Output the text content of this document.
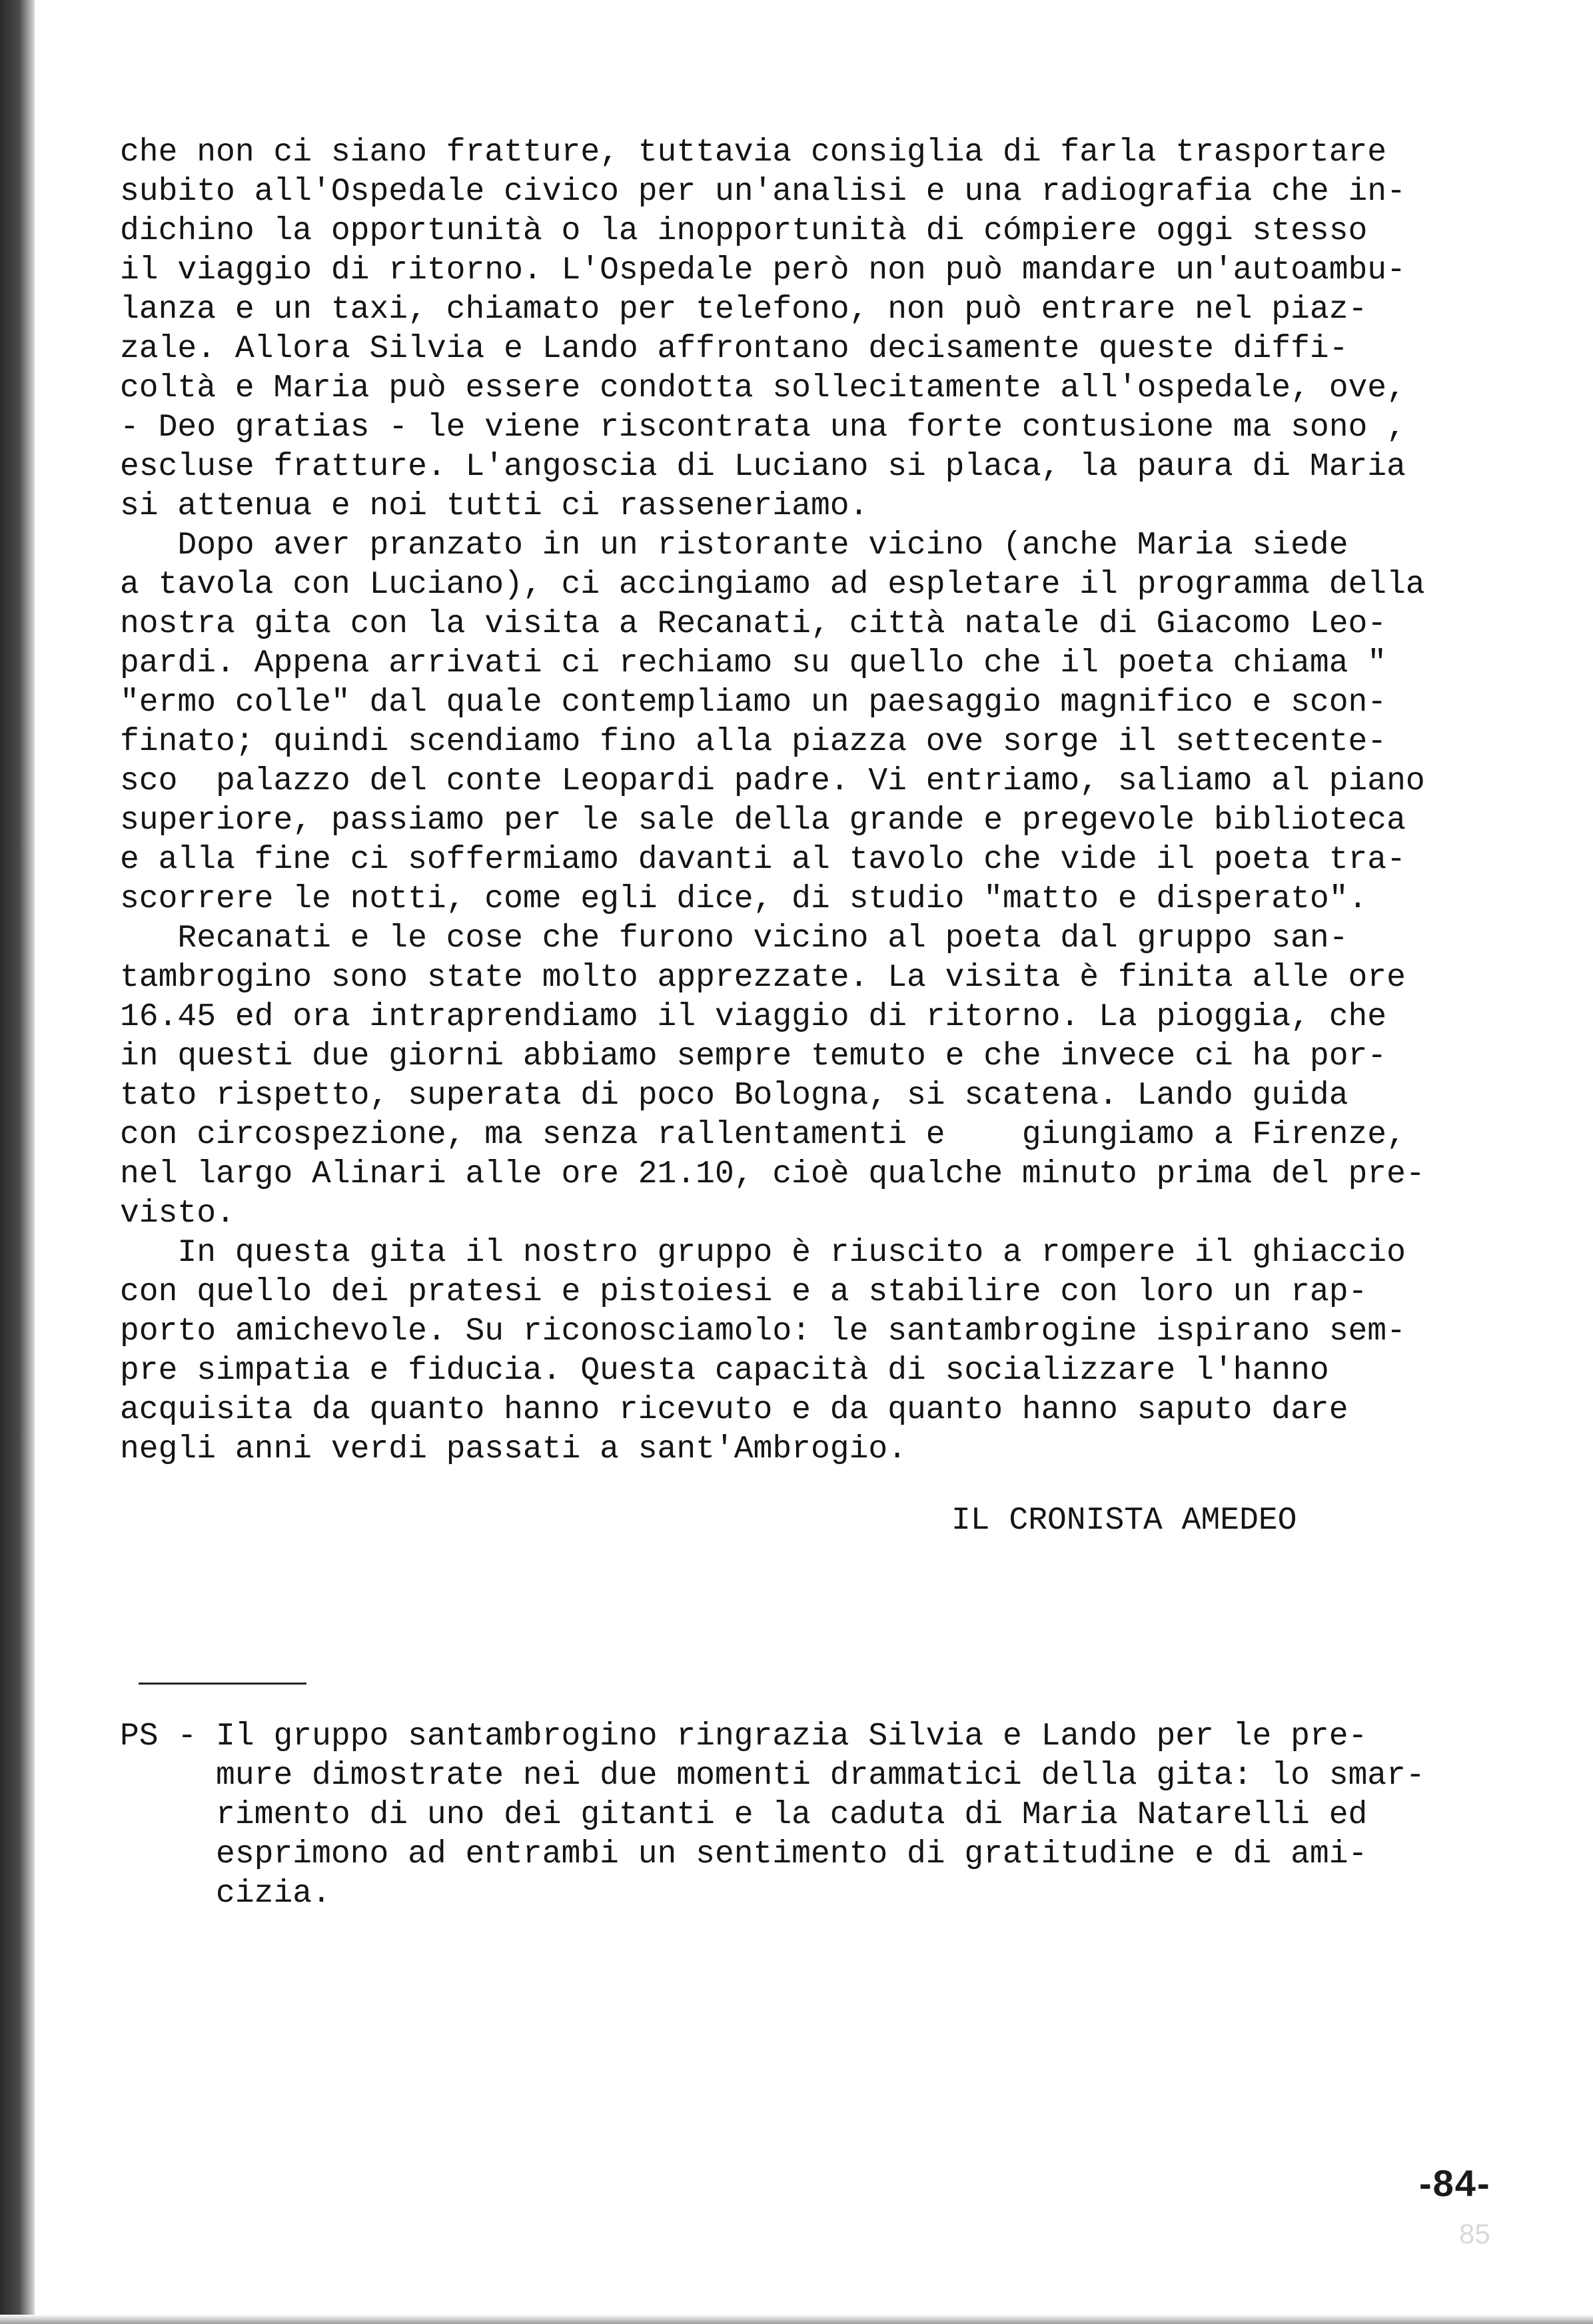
che non ci siano fratture, tuttavia consiglia di farla trasportare
subito all'Ospedale civico per un'analisi e una radiografia che in-
dichino la opportunità o la inopportunità di cómpiere oggi stesso
il viaggio di ritorno. L'Ospedale però non può mandare un'autoambu-
lanza e un taxi, chiamato per telefono, non può entrare nel piaz-
zale. Allora Silvia e Lando affrontano decisamente queste diffi-
coltà e Maria può essere condotta sollecitamente all'ospedale, ove,
- Deo gratias - le viene riscontrata una forte contusione ma sono ,
escluse fratture. L'angoscia di Luciano si placa, la paura di Maria
si attenua e noi tutti ci rasseneriamo.
Dopo aver pranzato in un ristorante vicino (anche Maria siede
a tavola con Luciano), ci accingiamo ad espletare il programma della
nostra gita con la visita a Recanati, città natale di Giacomo Leo-
pardi. Appena arrivati ci rechiamo su quello che il poeta chiama "
"ermo colle" dal quale contempliamo un paesaggio magnifico e scon-
finato; quindi scendiamo fino alla piazza ove sorge il settecente-
sco  palazzo del conte Leopardi padre. Vi entriamo, saliamo al piano
superiore, passiamo per le sale della grande e pregevole biblioteca
e alla fine ci soffermiamo davanti al tavolo che vide il poeta tra-
scorrere le notti, come egli dice, di studio "matto e disperato".
Recanati e le cose che furono vicino al poeta dal gruppo san-
tambrogino sono state molto apprezzate. La visita è finita alle ore
16.45 ed ora intraprendiamo il viaggio di ritorno. La pioggia, che
in questi due giorni abbiamo sempre temuto e che invece ci ha por-
tato rispetto, superata di poco Bologna, si scatena. Lando guida
con circospezione, ma senza rallentamenti e    giungiamo a Firenze,
nel largo Alinari alle ore 21.10, cioè qualche minuto prima del pre-
visto.
In questa gita il nostro gruppo è riuscito a rompere il ghiaccio
con quello dei pratesi e pistoiesi e a stabilire con loro un rap-
porto amichevole. Su riconosciamolo: le santambrogine ispirano sem-
pre simpatia e fiducia. Questa capacità di socializzare l'hanno
acquisita da quanto hanno ricevuto e da quanto hanno saputo dare
negli anni verdi passati a sant'Ambrogio.
IL CRONISTA AMEDEO
PS - Il gruppo santambrogino ringrazia Silvia e Lando per le pre-
mure dimostrate nei due momenti drammatici della gita: lo smar-
rimento di uno dei gitanti e la caduta di Maria Natarelli ed
esprimono ad entrambi un sentimento di gratitudine e di ami-
cizia.
-84-
85
